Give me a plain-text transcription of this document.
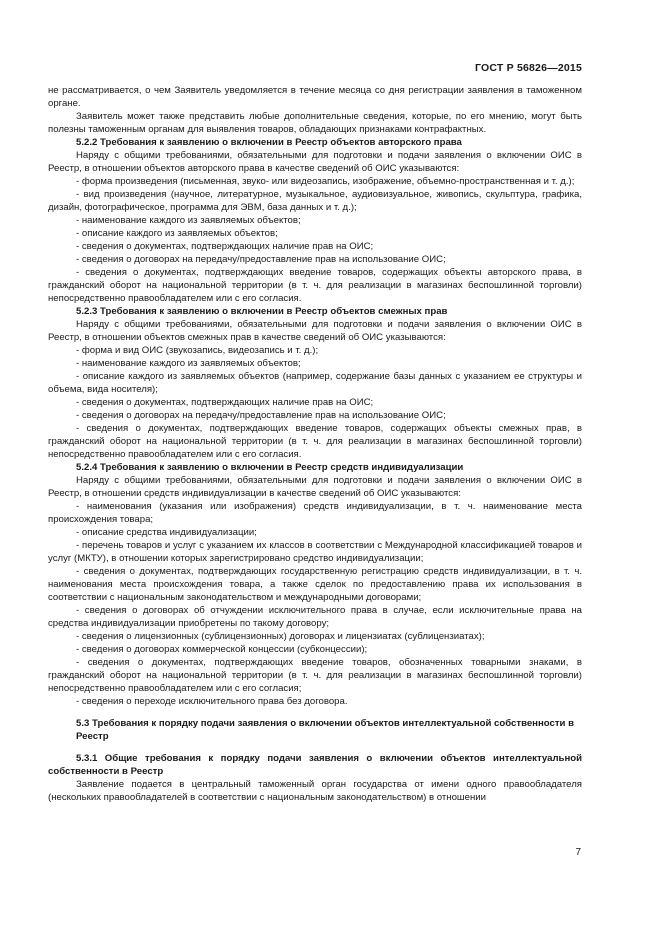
ГОСТ Р 56826—2015

не рассматривается, о чем Заявитель уведомляется в течение месяца со дня регистрации заявления в таможенном органе.

Заявитель может также представить любые дополнительные сведения, которые, по его мнению, могут быть полезны таможенным органам для выявления товаров, обладающих признаками контрафактных.

5.2.2 Требования к заявлению о включении в Реестр объектов авторского права

Наряду с общими требованиями, обязательными для подготовки и подачи заявления о включении ОИС в Реестр, в отношении объектов авторского права в качестве сведений об ОИС указываются:

- форма произведения (письменная, звуко- или видеозапись, изображение, объемно-пространственная и т. д.);

- вид произведения (научное, литературное, музыкальное, аудиовизуальное, живопись, скульптура, графика, дизайн, фотографическое, программа для ЭВМ, база данных и т. д.);

- наименование каждого из заявляемых объектов;

- описание каждого из заявляемых объектов;

- сведения о документах, подтверждающих наличие прав на ОИС;

- сведения о договорах на передачу/предоставление прав на использование ОИС;

- сведения о документах, подтверждающих введение товаров, содержащих объекты авторского права, в гражданский оборот на национальной территории (в т. ч. для реализации в магазинах беспошлинной торговли) непосредственно правообладателем или с его согласия.

5.2.3 Требования к заявлению о включении в Реестр объектов смежных прав

Наряду с общими требованиями, обязательными для подготовки и подачи заявления о включении ОИС в Реестр, в отношении объектов смежных прав в качестве сведений об ОИС указываются:

- форма и вид ОИС (звукозапись, видеозапись и т. д.);

- наименование каждого из заявляемых объектов;

- описание каждого из заявляемых объектов (например, содержание базы данных с указанием ее структуры и объема, вида носителя);

- сведения о документах, подтверждающих наличие прав на ОИС;

- сведения о договорах на передачу/предоставление прав на использование ОИС;

- сведения о документах, подтверждающих введение товаров, содержащих объекты смежных прав, в гражданский оборот на национальной территории (в т. ч. для реализации в магазинах беспошлинной торговли) непосредственно правообладателем или с его согласия.

5.2.4 Требования к заявлению о включении в Реестр средств индивидуализации

Наряду с общими требованиями, обязательными для подготовки и подачи заявления о включении ОИС в Реестр, в отношении средств индивидуализации в качестве сведений об ОИС указываются:

- наименования (указания или изображения) средств индивидуализации, в т. ч. наименование места происхождения товара;

- описание средства индивидуализации;

- перечень товаров и услуг с указанием их классов в соответствии с Международной классификацией товаров и услуг (МКТУ), в отношении которых зарегистрировано средство индивидуализации;

- сведения о документах, подтверждающих государственную регистрацию средств индивидуализации, в т. ч. наименования места происхождения товара, а также сделок по предоставлению права их использования в соответствии с национальным законодательством и международными договорами;

- сведения о договорах об отчуждении исключительного права в случае, если исключительные права на средства индивидуализации приобретены по такому договору;

- сведения о лицензионных (сублицензионных) договорах и лицензиатах (сублицензиатах);

- сведения о договорах коммерческой концессии (субконцессии);

- сведения о документах, подтверждающих введение товаров, обозначенных товарными знаками, в гражданский оборот на национальной территории (в т. ч. для реализации в магазинах беспошлинной торговли) непосредственно правообладателем или с его согласия;

- сведения о переходе исключительного права без договора.

5.3 Требования к порядку подачи заявления о включении объектов интеллектуальной собственности в Реестр

5.3.1 Общие требования к порядку подачи заявления о включении объектов интеллектуальной собственности в Реестр

Заявление подается в центральный таможенный орган государства от имени одного правообладателя (нескольких правообладателей в соответствии с национальным законодательством) в отношении

7
